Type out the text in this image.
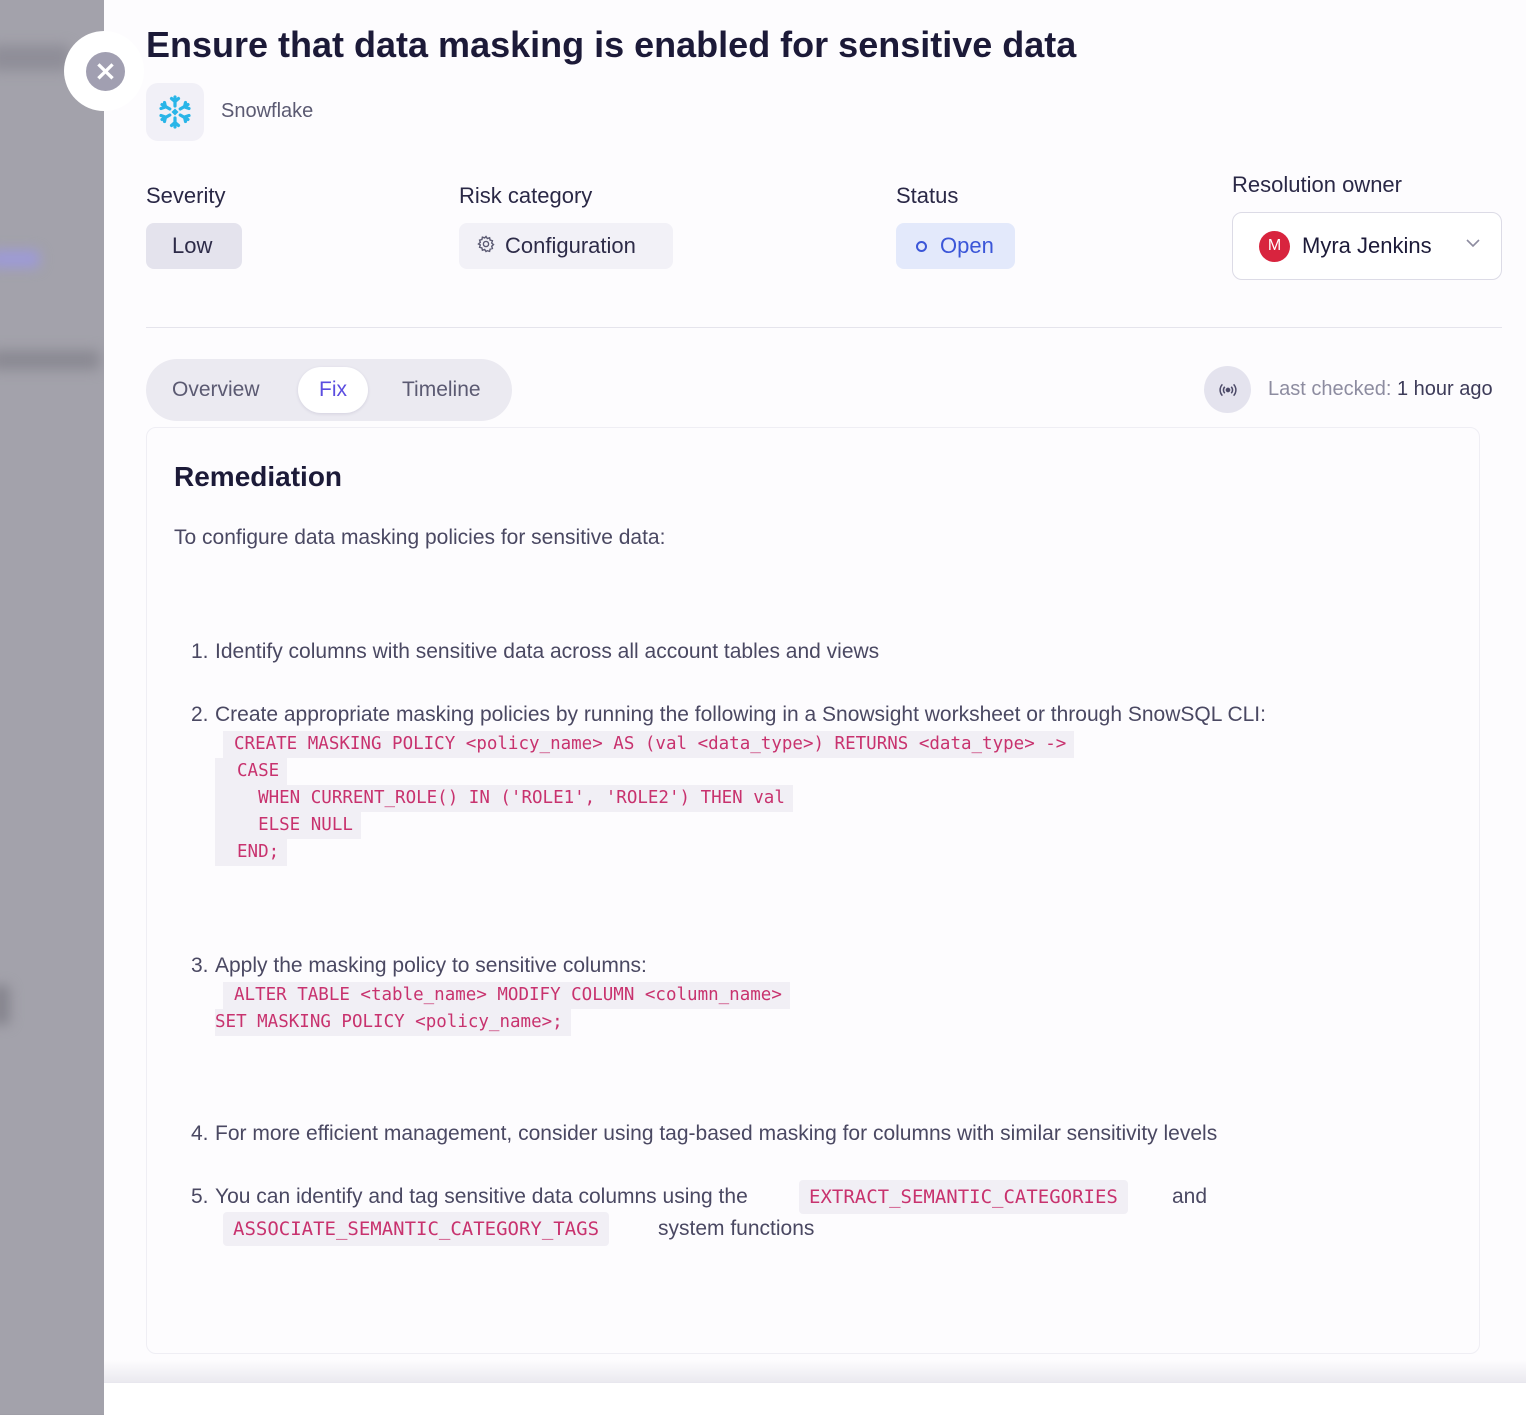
Ensure that data masking is enabled for sensitive data
Snowflake
Severity
Low
Risk category
Configuration
Status
Open
Resolution owner
M Myra Jenkins
Overview	Fix	Timeline	Last checked: 1 hour ago
Remediation
To configure data masking policies for sensitive data:
1. Identify columns with sensitive data across all account tables and views
2. Create appropriate masking policies by running the following in a Snowsight worksheet or through SnowSQL CLI:

CREATE MASKING POLICY <policy_name> AS (val <data_type>) RETURNS <data_type> ->

CASE

WHEN CURRENT_ROLE() IN ('ROLE1', 'ROLE2') THEN val

ELSE NULL

END;

3. Apply the masking policy to sensitive columns:

ALTER TABLE <table_name> MODIFY COLUMN <column_name>

SET MASKING POLICY <policy_name>;

4. For more efficient management, consider using tag-based masking for columns with similar sensitivity levels
5. You can identify and tag sensitive data columns using the	EXTRACT_SEMANTIC_CATEGORIES	and
ASSOCIATE_SEMANTIC_CATEGORY_TAGS	system functions
×
